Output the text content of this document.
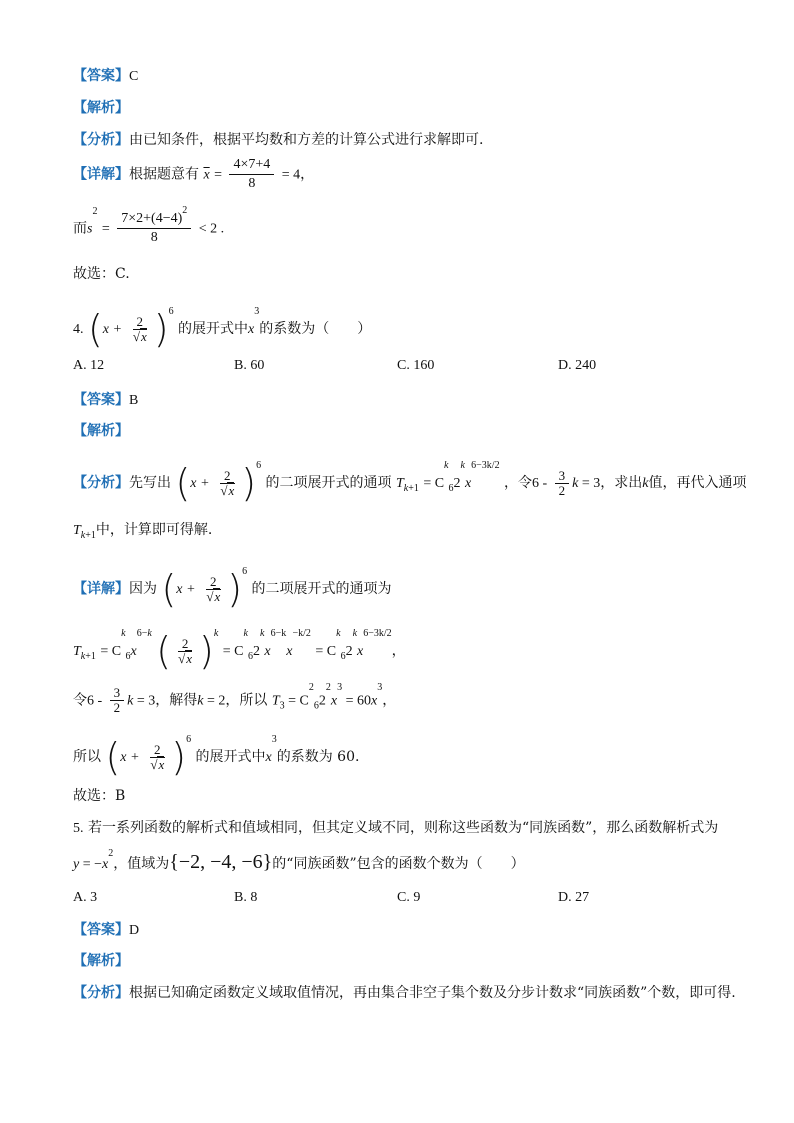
【答案】C
【解析】
【分析】由已知条件，根据平均数和方差的计算公式进行求解即可.
【详解】根据题意有 $\overline{x} = \frac{4\times 7+4}{8} = 4$，
而$s^2 = \frac{7\times 2+(4-4)^2}{8} < 2$ .
故选：C.
4. $(x + \frac{2}{√x} )^6$ 的展开式中$x^3$的系数为（　　）
A. 12	B. 60	C. 160	D. 240
【答案】B
【解析】
【分析】先写出 $(x + \frac{2}{√x} )^6$ 的二项展开式的通项 $T_{k+1} = C^k_62^kx^{6-3k/2}$ ，令$6 - \frac{3}{2}$ k = 3，求出k值，再代入通项
$T_{k+1}$中，计算即可得解.
【详解】因为 $(x + \frac{2}{√x} )^6$ 的二项展开式的通项为
$T_{k+1} = C^k_6x^{6-k}$ ( $\frac{2}{√x} )^k = C^k_62^kx^{6-k}x^{-k/2} = C^k_62^kx^{6-3k/2}$，
令$6 - \frac{3}{2}$ k = 3，解得k = 2，所以 $T_3 = C^2_62^2x^3 = 60x^3$，
所以 $(x + \frac{2}{√x} )^6$ 的展开式中$x^3$的系数为 60.
故选：B
5. 若一系列函数的解析式和值域相同，但其定义域不同，则称这些函数为“同族函数”，那么函数解析式为
$y = -x^2$，值域为{−2, −4, −6}的“同族函数”包含的函数个数为（　　）
A. 3	B. 8	C. 9	D. 27
【答案】D
【解析】
【分析】根据已知确定函数定义域取值情况，再由集合非空子集个数及分步计数求“同族函数”个数，即可得.
